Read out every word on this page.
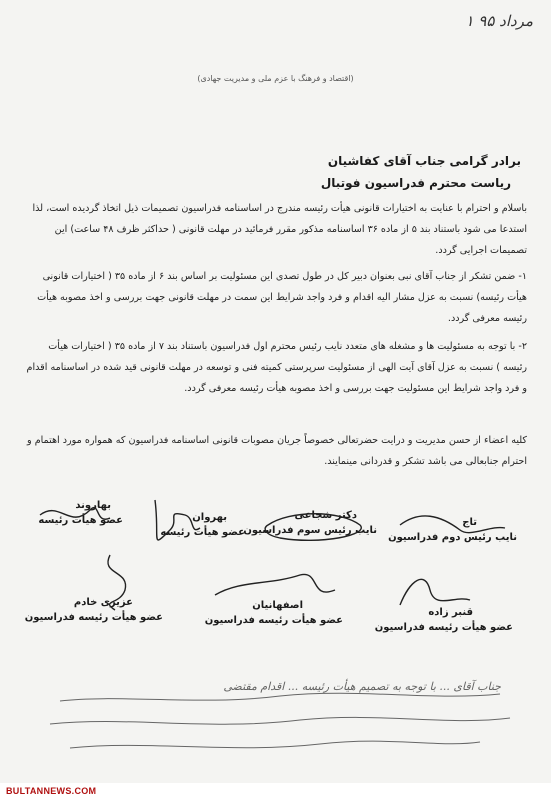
۱ مرداد ۹۵
(اقتصاد و فرهنگ با عزم ملی و مدیریت جهادی)
برادر گرامی جناب آقای کفاشیان
ریاست محترم فدراسیون فوتبال
باسلام و احترام با عنایت به اختیارات قانونی هیأت رئیسه مندرج در اساسنامه فدراسیون تصمیمات ذیل اتخاذ گردیده است، لذا استدعا می شود باستناد بند ۵ از ماده ۳۶ اساسنامه مذکور مقرر فرمائید در مهلت قانونی ( حداکثر ظرف ۴۸ ساعت) این تصمیمات اجرایی گردد.
۱- ضمن تشکر از جناب آقای نبی بعنوان دبیر کل در طول تصدی این مسئولیت بر اساس بند ۶ از ماده ۳۵ ( اختیارات قانونی هیأت رئیسه) نسبت به عزل مشار الیه اقدام و فرد واجد شرایط این سمت در مهلت قانونی جهت بررسی و اخذ مصوبه هیأت رئیسه معرفی گردد.
۲- با توجه به مسئولیت ها و مشغله های متعدد نایب رئیس محترم اول فدراسیون باستناد بند ۷ از ماده ۳۵ ( اختیارات هیأت رئیسه ) نسبت به عزل آقای آیت الهی از مسئولیت سرپرستی کمیته فنی و توسعه در مهلت قانونی قید شده در اساسنامه اقدام و فرد واجد شرایط این مسئولیت جهت بررسی و اخذ مصوبه هیأت رئیسه معرفی گردد.
کلیه اعضاء از حسن مدیریت و درایت حضرتعالی خصوصاً جریان مصوبات قانونی اساسنامه فدراسیون که همواره مورد اهتمام و احترام جنابعالی می باشد تشکر و قدردانی مینمایند.
بهاروند
عضو هیأت رئیسه	بهروان
عضو هیأت رئیسه
دکتر شجاعی
نایب رئیس سوم فدراسیون
تاج
نایب رئیس دوم فدراسیون
عزیزی خادم
عضو هیأت رئیسه فدراسیون
اصفهانیان
عضو هیأت رئیسه فدراسیون
قنبر زاده
عضو هیأت رئیسه فدراسیون
جناب آقای ... با توجه به تصمیم هیأت رئیسه ... اقدام مقتضی
BULTANNEWS.COM
